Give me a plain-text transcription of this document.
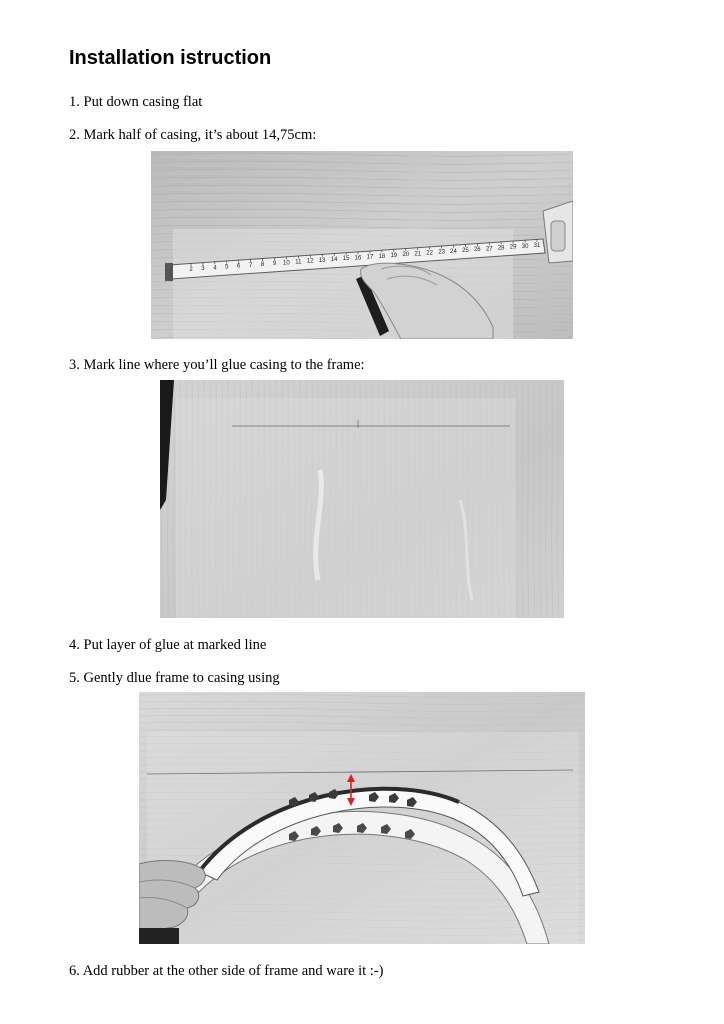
Installation istruction

1. Put down casing flat

2. Mark half of casing, it’s about 14,75cm:

2 3 4 5 6 7 8 9 10 11 12 13 14 15 16 17 18 19 20 21 22 23 24 25 26 27 28 29 30 31

3. Mark line where you’ll glue casing to the frame:

4. Put layer of glue at marked line

5. Gently dlue frame to casing using

6. Add rubber at the other side of frame and ware it :-)
